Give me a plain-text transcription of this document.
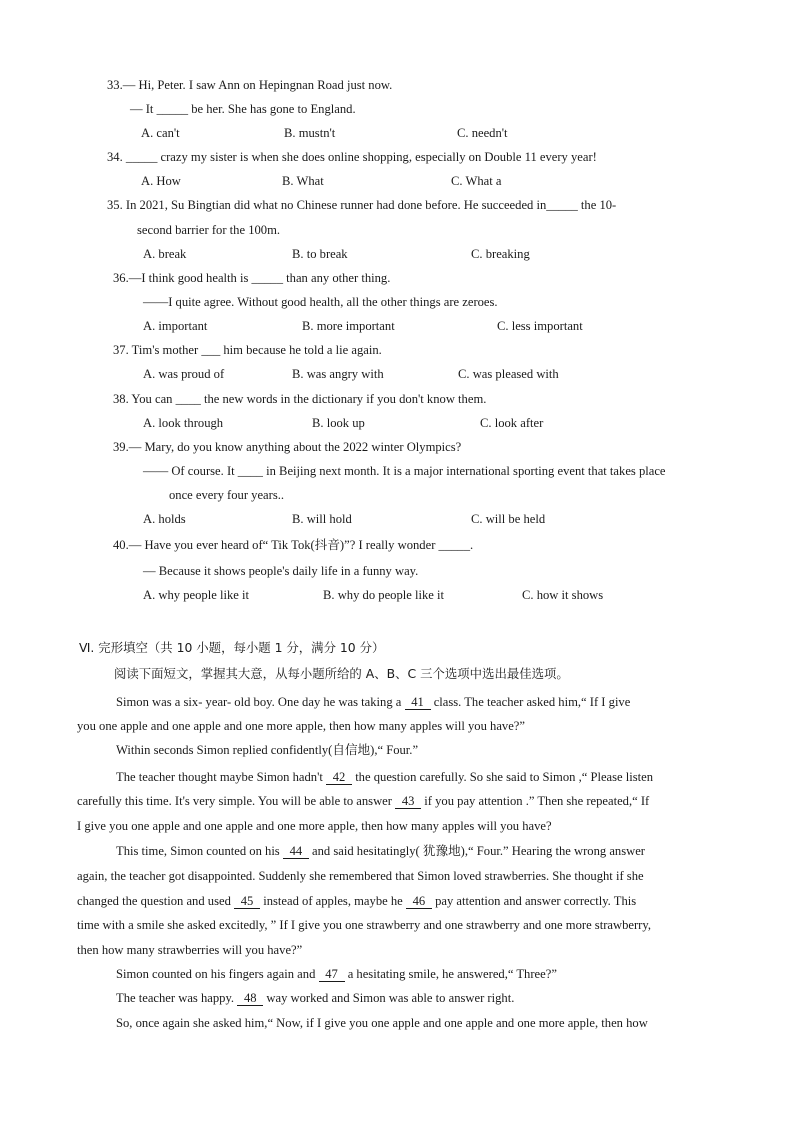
33.— Hi, Peter. I saw Ann on Hepingnan Road just now.
— It _____ be her. She has gone to England.
A. can't	B. mustn't	C. needn't
34. _____ crazy my sister is when she does online shopping, especially on Double 11 every year!
A. How	B. What	C. What a
35. In 2021, Su Bingtian did what no Chinese runner had done before. He succeeded in_____ the 10-
second barrier for the 100m.
A. break	B. to break	C. breaking
36.—I think good health is _____ than any other thing.
——I quite agree. Without good health, all the other things are zeroes.
A. important	B. more important	C. less important
37. Tim's mother ___ him because he told a lie again.
A. was proud of	B. was angry with	C. was pleased with
38. You can ____ the new words in the dictionary if you don't know them.
A. look through	B. look up	C. look after
39.— Mary, do you know anything about the 2022 winter Olympics?
—— Of course. It ____ in Beijing next month. It is a major international sporting event that takes place
once every four years..
A. holds	B. will hold	C. will be held
40.— Have you ever heard of“ Tik Tok(抖音)”? I really wonder _____.
— Because it shows people's daily life in a funny way.
A. why people like it	B. why do people like it	C. how it shows
Ⅵ. 完形填空（共 10 小题，每小题 1 分，满分 10 分）
阅读下面短文，掌握其大意，从每小题所给的 A、B、C 三个选项中选出最佳选项。
Simon was a six- year- old boy. One day he was taking a 41 class. The teacher asked him,“ If I give
you one apple and one apple and one more apple, then how many apples will you have?”
Within seconds Simon replied confidently(自信地),“ Four.”
The teacher thought maybe Simon hadn't 42 the question carefully. So she said to Simon ,“ Please listen
carefully this time. It's very simple. You will be able to answer 43 if you pay attention .” Then she repeated,“ If
I give you one apple and one apple and one more apple, then how many apples will you have?
This time, Simon counted on his 44 and said hesitatingly( 犹豫地),“ Four.” Hearing the wrong answer
again, the teacher got disappointed. Suddenly she remembered that Simon loved strawberries. She thought if she
changed the question and used 45 instead of apples, maybe he 46 pay attention and answer correctly. This
time with a smile she asked excitedly, ” If I give you one strawberry and one strawberry and one more strawberry,
then how many strawberries will you have?”
Simon counted on his fingers again and 47 a hesitating smile, he answered,“ Three?”
The teacher was happy. 48 way worked and Simon was able to answer right.
So, once again she asked him,“ Now, if I give you one apple and one apple and one more apple, then how
